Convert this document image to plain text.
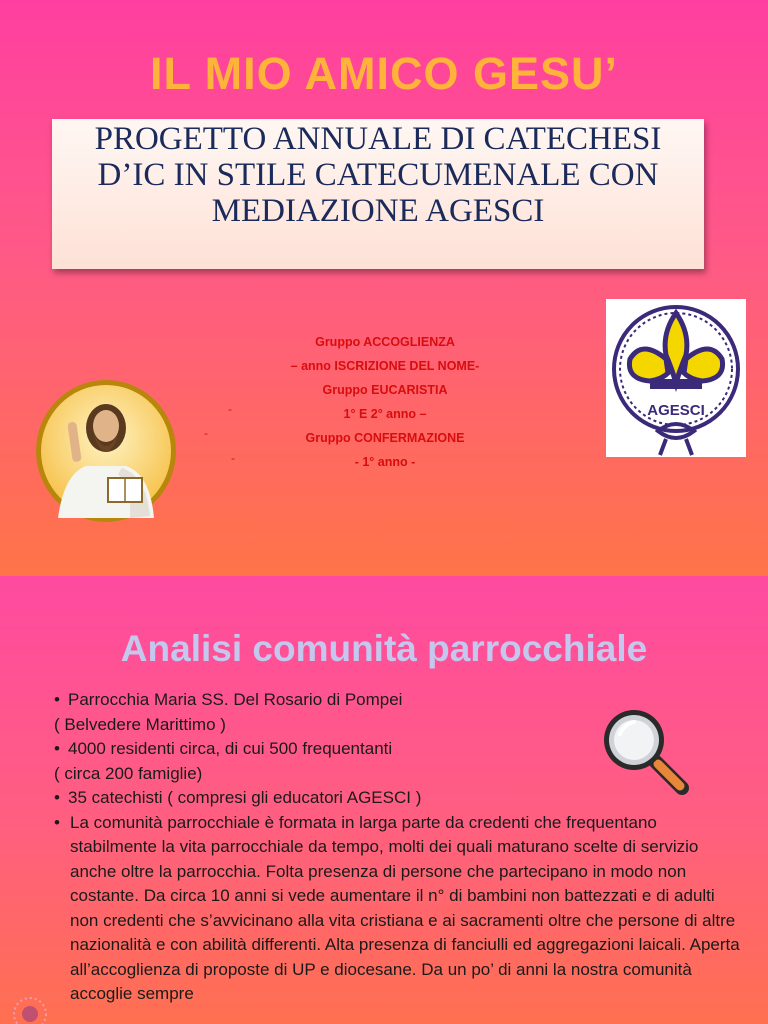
IL MIO AMICO GESU’

PROGETTO ANNUALE DI CATECHESI D’IC IN STILE CATECUMENALE CON MEDIAZIONE AGESCI

Gruppo ACCOGLIENZA
– anno ISCRIZIONE DEL NOME-
Gruppo EUCARISTIA
1° E 2° anno –
Gruppo CONFERMAZIONE
- 1° anno -
-
-
-
AGESCI
Analisi comunità parrocchiale
• Parrocchia Maria SS. Del Rosario di Pompei
( Belvedere Marittimo )
• 4000 residenti circa, di cui 500 frequentanti
( circa 200 famiglie)
• 35 catechisti ( compresi gli educatori AGESCI )
• La comunità parrocchiale è formata in larga parte da credenti che frequentano stabilmente la vita parrocchiale da tempo, molti dei quali maturano scelte di servizio anche oltre la parrocchia. Folta presenza di persone che partecipano in modo non costante. Da circa 10 anni si vede aumentare il n° di bambini non battezzati e di adulti non credenti che s’avvicinano alla vita cristiana e ai sacramenti oltre che persone di altre nazionalità e con abilità differenti. Alta presenza di fanciulli ed aggregazioni laicali. Aperta all’accoglienza di proposte di UP e diocesane. Da un po’ di anni la nostra comunità accoglie sempre
